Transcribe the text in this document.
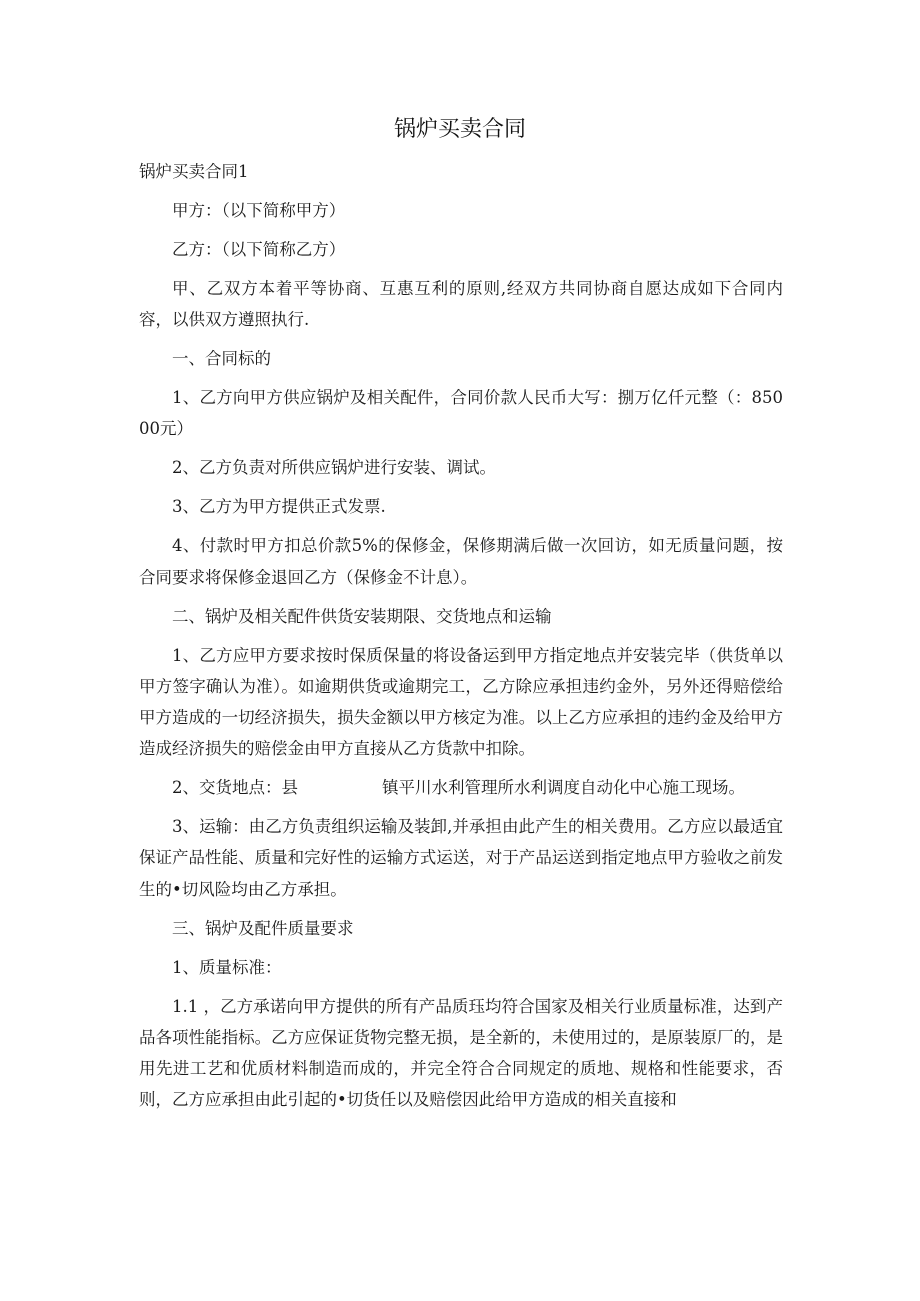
锅炉买卖合同

锅炉买卖合同1

甲方：（以下简称甲方）

乙方：（以下简称乙方）

甲、乙双方本着平等协商、互惠互利的原则,经双方共同协商自愿达成如下合同内容，以供双方遵照执行.

一、合同标的

1、乙方向甲方供应锅炉及相关配件，合同价款人民币大写：捌万亿仟元整（：85000元）

2、乙方负责对所供应锅炉进行安装、调试。

3、乙方为甲方提供正式发票.

4、付款时甲方扣总价款5%的保修金，保修期满后做一次回访，如无质量问题，按合同要求将保修金退回乙方（保修金不计息）。

二、锅炉及相关配件供货安装期限、交货地点和运输

1、乙方应甲方要求按时保质保量的将设备运到甲方指定地点并安装完毕（供货单以甲方签字确认为准）。如逾期供货或逾期完工，乙方除应承担违约金外，另外还得赔偿给甲方造成的一切经济损失，损失金额以甲方核定为准。以上乙方应承担的违约金及给甲方造成经济损失的赔偿金由甲方直接从乙方货款中扣除。

2、交货地点：县	镇平川水利管理所水利调度自动化中心施工现场。

3、运输：由乙方负责组织运输及装卸,并承担由此产生的相关费用。乙方应以最适宜保证产品性能、质量和完好性的运输方式运送，对于产品运送到指定地点甲方验收之前发生的•切风险均由乙方承担。

三、锅炉及配件质量要求

1、质量标准：

1.1 ，乙方承诺向甲方提供的所有产品质珏均符合国家及相关行业质量标准，达到产品各项性能指标。乙方应保证货物完整无损，是全新的，未使用过的，是原装原厂的，是用先进工艺和优质材料制造而成的，并完全符合合同规定的质地、规格和性能要求，否则，乙方应承担由此引起的•切货任以及赔偿因此给甲方造成的相关直接和
